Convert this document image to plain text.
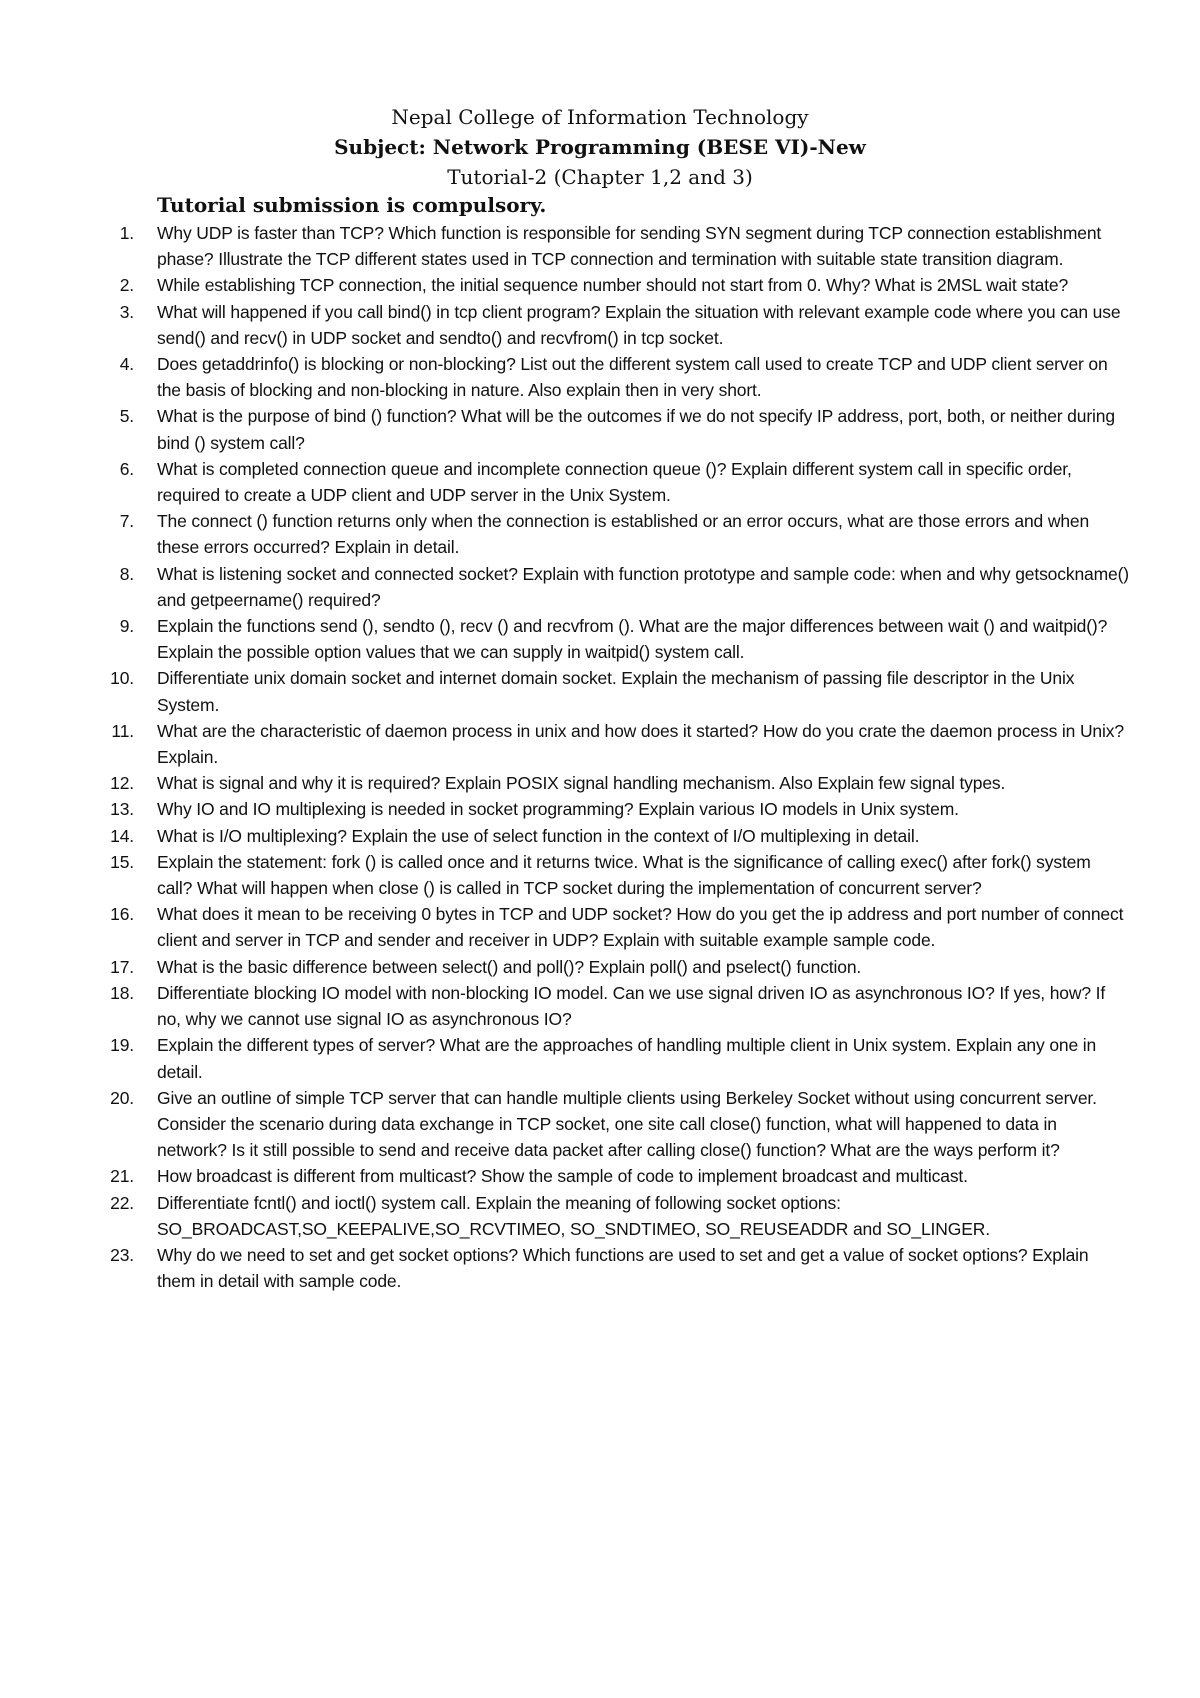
Nepal College of Information Technology
Subject: Network Programming (BESE VI)-New
Tutorial-2 (Chapter 1,2 and 3)
Tutorial submission is compulsory.
1. Why UDP is faster than TCP? Which function is responsible for sending SYN segment during TCP connection establishment phase? Illustrate the TCP different states used in TCP connection and termination with suitable state transition diagram.
2. While establishing TCP connection, the initial sequence number should not start from 0. Why? What is 2MSL wait state?
3. What will happened if you call bind() in tcp client program? Explain the situation with relevant example code where you can use send() and recv() in UDP socket and sendto() and recvfrom() in tcp socket.
4. Does getaddrinfo() is blocking or non-blocking? List out the different system call used to create TCP and UDP client server on the basis of blocking and non-blocking in nature. Also explain then in very short.
5. What is the purpose of bind () function? What will be the outcomes if we do not specify IP address, port, both, or neither during bind () system call?
6. What is completed connection queue and incomplete connection queue ()? Explain different system call in specific order, required to create a UDP client and UDP server in the Unix System.
7. The connect () function returns only when the connection is established or an error occurs, what are those errors and when these errors occurred? Explain in detail.
8. What is listening socket and connected socket? Explain with function prototype and sample code: when and why getsockname() and getpeername() required?
9. Explain the functions send (), sendto (), recv () and recvfrom (). What are the major differences between wait () and waitpid()? Explain the possible option values that we can supply in waitpid() system call.
10. Differentiate unix domain socket and internet domain socket. Explain the mechanism of passing file descriptor in the Unix System.
11. What are the characteristic of daemon process in unix and how does it started? How do you crate the daemon process in Unix? Explain.
12. What is signal and why it is required? Explain POSIX signal handling mechanism. Also Explain few signal types.
13. Why IO and IO multiplexing is needed in socket programming? Explain various IO models in Unix system.
14. What is I/O multiplexing? Explain the use of select function in the context of I/O multiplexing in detail.
15. Explain the statement: fork () is called once and it returns twice. What is the significance of calling exec() after fork() system call? What will happen when close () is called in TCP socket during the implementation of concurrent server?
16. What does it mean to be receiving 0 bytes in TCP and UDP socket? How do you get the ip address and port number of connect client and server in TCP and sender and receiver in UDP? Explain with suitable example sample code.
17. What is the basic difference between select() and poll()? Explain poll() and pselect() function.
18. Differentiate blocking IO model with non-blocking IO model. Can we use signal driven IO as asynchronous IO? If yes, how? If no, why we cannot use signal IO as asynchronous IO?
19. Explain the different types of server? What are the approaches of handling multiple client in Unix system. Explain any one in detail.
20. Give an outline of simple TCP server that can handle multiple clients using Berkeley Socket without using concurrent server. Consider the scenario during data exchange in TCP socket, one site call close() function, what will happened to data in network? Is it still possible to send and receive data packet after calling close() function? What are the ways perform it?
21. How broadcast is different from multicast? Show the sample of code to implement broadcast and multicast.
22. Differentiate fcntl() and ioctl() system call. Explain the meaning of following socket options: SO_BROADCAST,SO_KEEPALIVE,SO_RCVTIMEO, SO_SNDTIMEO, SO_REUSEADDR and SO_LINGER.
23. Why do we need to set and get socket options? Which functions are used to set and get a value of socket options? Explain them in detail with sample code.
